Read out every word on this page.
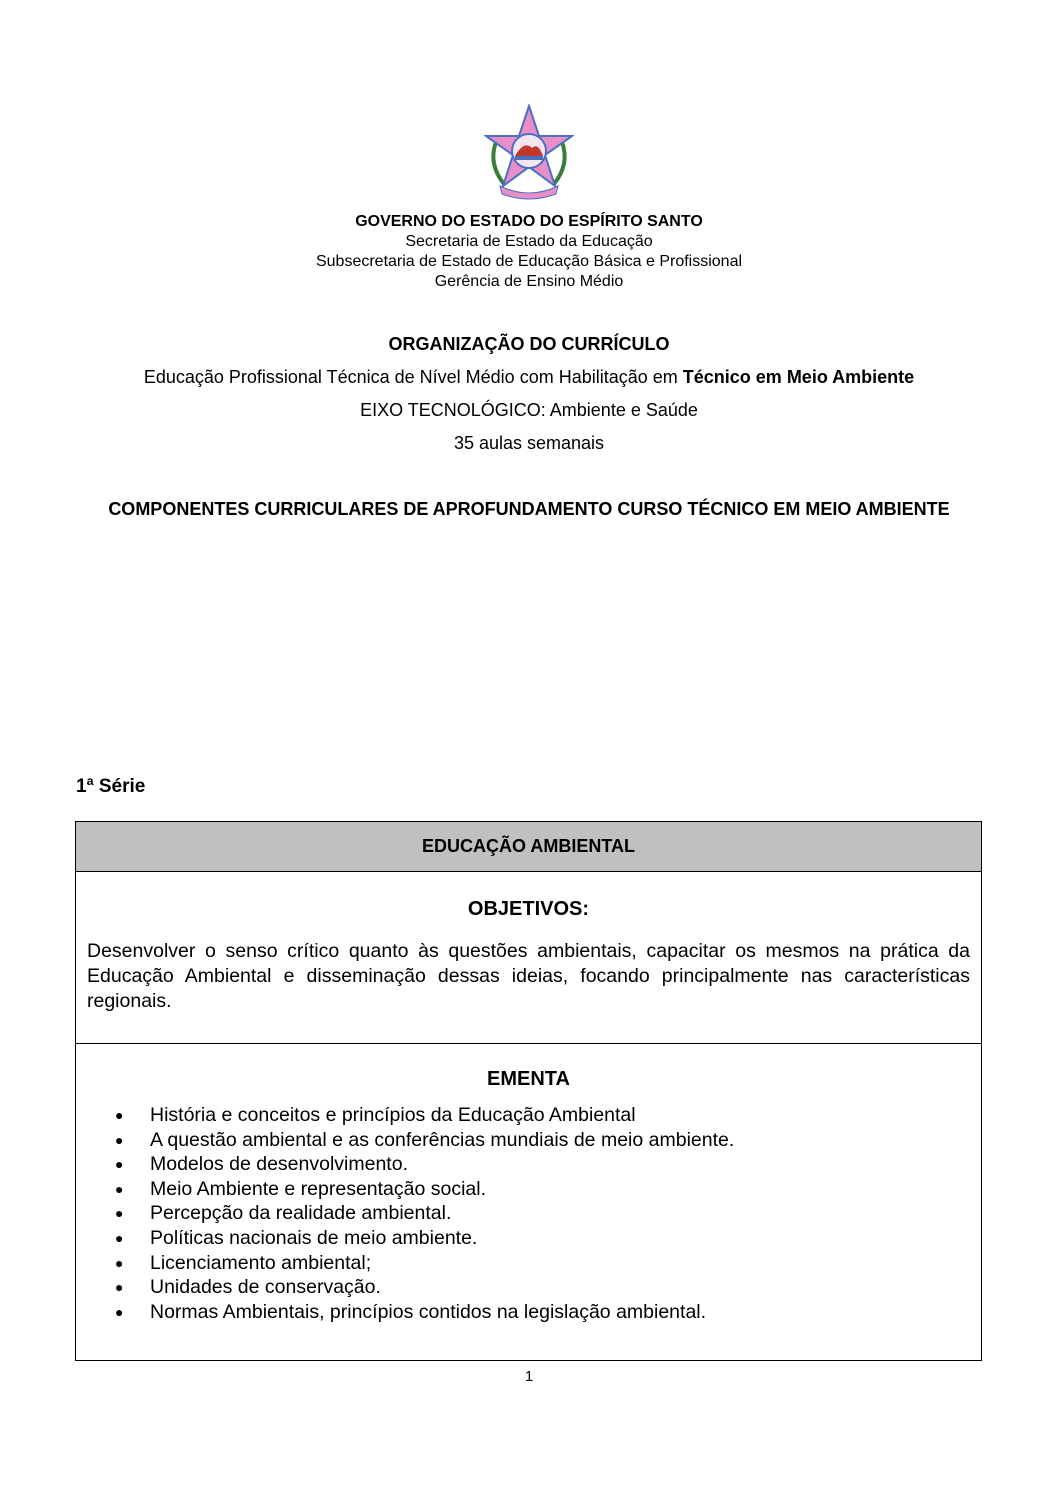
GOVERNO DO ESTADO DO ESPÍRITO SANTO
Secretaria de Estado da Educação
Subsecretaria de Estado de Educação Básica e Profissional
Gerência de Ensino Médio
ORGANIZAÇÃO DO CURRÍCULO
Educação Profissional Técnica de Nível Médio com Habilitação em Técnico em Meio Ambiente
EIXO TECNOLÓGICO: Ambiente e Saúde
35 aulas semanais
COMPONENTES CURRICULARES DE APROFUNDAMENTO CURSO TÉCNICO EM MEIO AMBIENTE
1ª Série
EDUCAÇÃO AMBIENTAL
OBJETIVOS:
Desenvolver o senso crítico quanto às questões ambientais, capacitar os mesmos na prática da Educação Ambiental e disseminação dessas ideias, focando principalmente nas características regionais.
EMENTA
● História e conceitos e princípios da Educação Ambiental
● A questão ambiental e as conferências mundiais de meio ambiente.
● Modelos de desenvolvimento.
● Meio Ambiente e representação social.
● Percepção da realidade ambiental.
● Políticas nacionais de meio ambiente.
● Licenciamento ambiental;
● Unidades de conservação.
● Normas Ambientais, princípios contidos na legislação ambiental.
1
